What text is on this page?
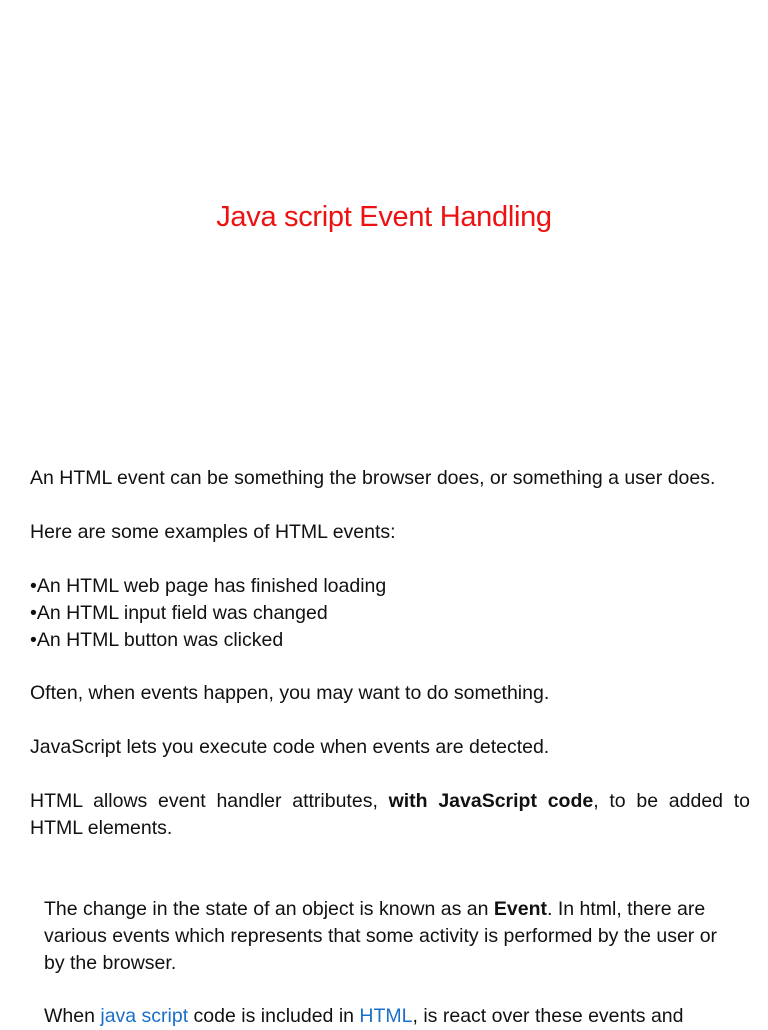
Java script Event Handling

An HTML event can be something the browser does, or something a user does.

Here are some examples of HTML events:

•An HTML web page has finished loading
•An HTML input field was changed
•An HTML button was clicked

Often, when events happen, you may want to do something.

JavaScript lets you execute code when events are detected.

HTML allows event handler attributes, with JavaScript code, to be added to HTML elements.

The change in the state of an object is known as an Event. In html, there are various events which represents that some activity is performed by the user or by the browser.

When java script code is included in HTML, is react over these events and
